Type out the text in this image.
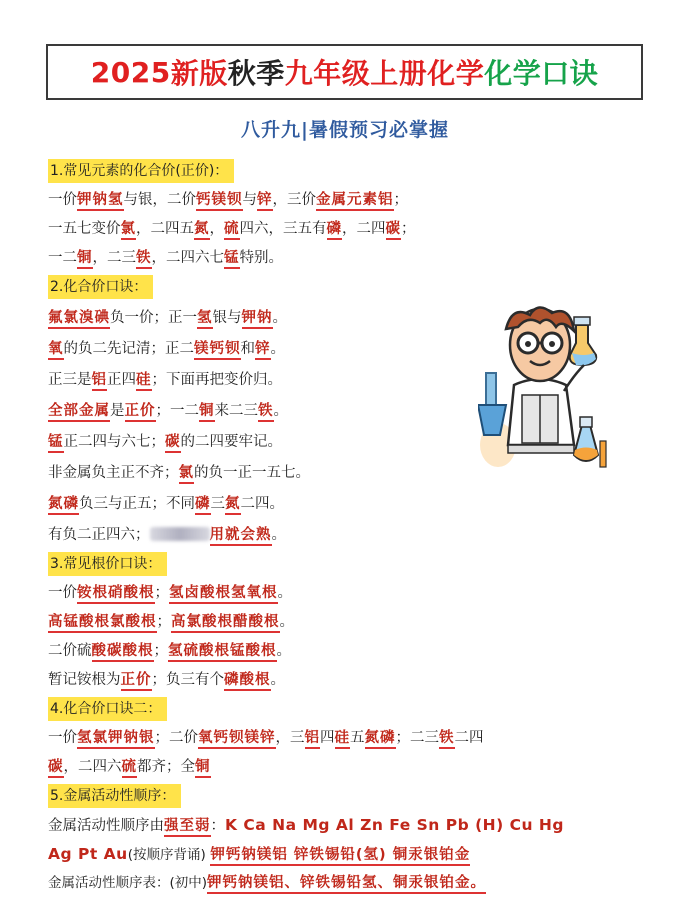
2025 新版 秋季 九年级上册化学 化学口诀
八升九|暑假预习必掌握
1.常见元素的化合价(正价)：
一价钾钠氢与银，二价钙镁钡与锌，三价金属元素铝；
一五七变价氯，二四五氮，硫四六，三五有磷，二四碳；
一二铜，二三铁，二四六七锰特别。
2.化合价口诀：
氟氯溴碘负一价；正一氢银与钾钠。
氧的负二先记清；正二镁钙钡和锌。
正三是铝正四硅；下面再把变价归。
全部金属是正价；一二铜来二三铁。
锰正二四与六七；碳的二四要牢记。
非金属负主正不齐；氯的负一正一五七。
氮磷负三与正五；不同磷三氮二四。
有负二正四六；	用就会熟。
3.常见根价口诀：
一价铵根硝酸根；氢卤酸根氢氧根。
高锰酸根氯酸根；高氯酸根醋酸根。
二价硫酸碳酸根；氢硫酸根锰酸根。
暂记铵根为正价；负三有个磷酸根。
4.化合价口诀二：
一价氢氯钾钠银；二价氧钙钡镁锌，三铝四硅五氮磷；二三铁二四
碳，二四六硫都齐；全铜
5.金属活动性顺序：
金属活动性顺序由强至弱：K Ca Na Mg Al Zn Fe Sn Pb (H) Cu Hg
Ag Pt Au(按顺序背诵) 钾钙钠镁铝 锌铁锡铅(氢) 铜汞银铂金
金属活动性顺序表：(初中)钾钙钠镁铝、锌铁锡铅氢、铜汞银铂金。
